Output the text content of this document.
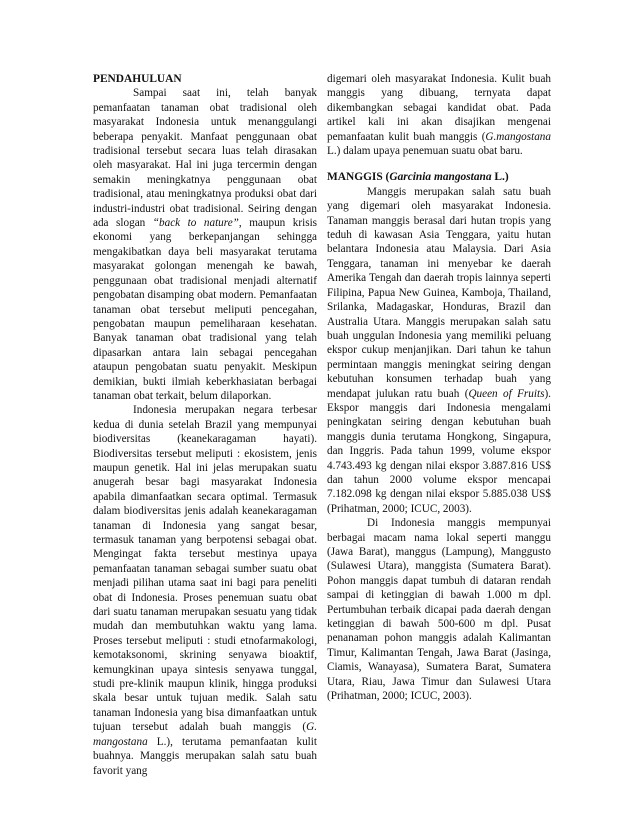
PENDAHULUAN

Sampai saat ini, telah banyak pemanfaatan tanaman obat tradisional oleh masyarakat Indonesia untuk menanggulangi beberapa penyakit. Manfaat penggunaan obat tradisional tersebut secara luas telah dirasakan oleh masyarakat. Hal ini juga tercermin dengan semakin meningkatnya penggunaan obat tradisional, atau meningkatnya produksi obat dari industri-industri obat tradisional. Seiring dengan ada slogan “back to nature”, maupun krisis ekonomi yang berkepanjangan sehingga mengakibatkan daya beli masyarakat terutama masyarakat golongan menengah ke bawah, penggunaan obat tradisional menjadi alternatif pengobatan disamping obat modern. Pemanfaatan tanaman obat tersebut meliputi pencegahan, pengobatan maupun pemeliharaan kesehatan. Banyak tanaman obat tradisional yang telah dipasarkan antara lain sebagai pencegahan ataupun pengobatan suatu penyakit. Meskipun demikian, bukti ilmiah keberkhasiatan berbagai tanaman obat terkait, belum dilaporkan.

Indonesia merupakan negara terbesar kedua di dunia setelah Brazil yang mempunyai biodiversitas (keanekaragaman hayati). Biodiversitas tersebut meliputi : ekosistem, jenis maupun genetik. Hal ini jelas merupakan suatu anugerah besar bagi masyarakat Indonesia apabila dimanfaatkan secara optimal. Termasuk dalam biodiversitas jenis adalah keanekaragaman tanaman di Indonesia yang sangat besar, termasuk tanaman yang berpotensi sebagai obat. Mengingat fakta tersebut mestinya upaya pemanfaatan tanaman sebagai sumber suatu obat menjadi pilihan utama saat ini bagi para peneliti obat di Indonesia. Proses penemuan suatu obat dari suatu tanaman merupakan sesuatu yang tidak mudah dan membutuhkan waktu yang lama. Proses tersebut meliputi : studi etnofarmakologi, kemotaksonomi, skrining senyawa bioaktif, kemungkinan upaya sintesis senyawa tunggal, studi pre-klinik maupun klinik, hingga produksi skala besar untuk tujuan medik. Salah satu tanaman Indonesia yang bisa dimanfaatkan untuk tujuan tersebut adalah buah manggis (G. mangostana L.), terutama pemanfaatan kulit buahnya. Manggis merupakan salah satu buah favorit yang

digemari oleh masyarakat Indonesia. Kulit buah manggis yang dibuang, ternyata dapat dikembangkan sebagai kandidat obat. Pada artikel kali ini akan disajikan mengenai pemanfaatan kulit buah manggis (G.mangostana L.) dalam upaya penemuan suatu obat baru.

MANGGIS (Garcinia mangostana L.)

Manggis merupakan salah satu buah yang digemari oleh masyarakat Indonesia. Tanaman manggis berasal dari hutan tropis yang teduh di kawasan Asia Tenggara, yaitu hutan belantara Indonesia atau Malaysia. Dari Asia Tenggara, tanaman ini menyebar ke daerah Amerika Tengah dan daerah tropis lainnya seperti Filipina, Papua New Guinea, Kamboja, Thailand, Srilanka, Madagaskar, Honduras, Brazil dan Australia Utara. Manggis merupakan salah satu buah unggulan Indonesia yang memiliki peluang ekspor cukup menjanjikan. Dari tahun ke tahun permintaan manggis meningkat seiring dengan kebutuhan konsumen terhadap buah yang mendapat julukan ratu buah (Queen of Fruits). Ekspor manggis dari Indonesia mengalami peningkatan seiring dengan kebutuhan buah manggis dunia terutama Hongkong, Singapura, dan Inggris. Pada tahun 1999, volume ekspor 4.743.493 kg dengan nilai ekspor 3.887.816 US$ dan tahun 2000 volume ekspor mencapai 7.182.098 kg dengan nilai ekspor 5.885.038 US$ (Prihatman, 2000; ICUC, 2003).

Di Indonesia manggis mempunyai berbagai macam nama lokal seperti manggu (Jawa Barat), manggus (Lampung), Manggusto (Sulawesi Utara), manggista (Sumatera Barat). Pohon manggis dapat tumbuh di dataran rendah sampai di ketinggian di bawah 1.000 m dpl. Pertumbuhan terbaik dicapai pada daerah dengan ketinggian di bawah 500-600 m dpl. Pusat penanaman pohon manggis adalah Kalimantan Timur, Kalimantan Tengah, Jawa Barat (Jasinga, Ciamis, Wanayasa), Sumatera Barat, Sumatera Utara, Riau, Jawa Timur dan Sulawesi Utara (Prihatman, 2000; ICUC, 2003).
